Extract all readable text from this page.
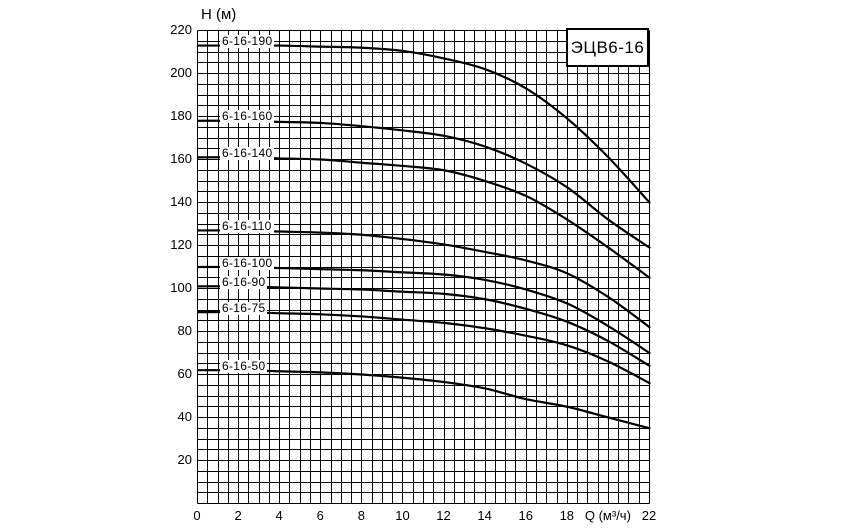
H (м)
220
200
180
160
140
120
100
80
60
40
20
0	2	4	6	8	10	12	14	16	18 Q (м³/ч) 22
6-16-190
6-16-160
6-16-140
6-16-110
6-16-100
6-16-90
6-16-75
6-16-50
ЭЦВ6-16
